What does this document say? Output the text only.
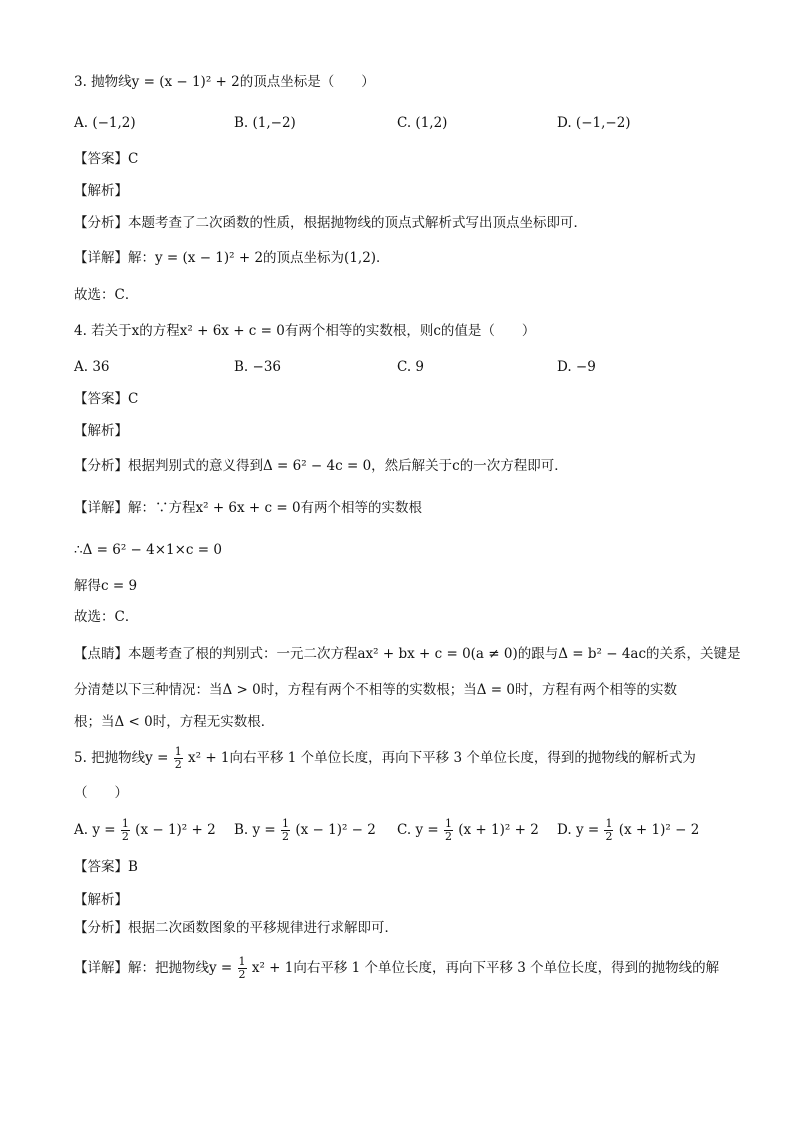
3. 抛物线y = (x − 1)² + 2的顶点坐标是（　　）
A. (−1,2)	B. (1,−2)	C. (1,2)	D. (−1,−2)
【答案】C
【解析】
【分析】本题考查了二次函数的性质，根据抛物线的顶点式解析式写出顶点坐标即可．
【详解】解：y = (x − 1)² + 2的顶点坐标为(1,2)．
故选：C．
4. 若关于x的方程x² + 6x + c = 0有两个相等的实数根，则c的值是（　　）
A. 36	B. −36	C. 9	D. −9
【答案】C
【解析】
【分析】根据判别式的意义得到Δ = 6² − 4c = 0，然后解关于c的一次方程即可．
【详解】解：∵方程x² + 6x + c = 0有两个相等的实数根
∴Δ = 6² − 4×1×c = 0
解得c = 9
故选：C．
【点睛】本题考查了根的判别式：一元二次方程ax² + bx + c = 0(a ≠ 0)的跟与Δ = b² − 4ac的关系，关键是
分清楚以下三种情况：当Δ > 0时，方程有两个不相等的实数根；当Δ = 0时，方程有两个相等的实数
根；当Δ < 0时，方程无实数根．
5. 把抛物线$y = \frac{1}{2} x^2 + 1$向右平移 1 个单位长度，再向下平移 3 个单位长度，得到的抛物线的解析式为
（　　）
A. $y = \frac{1}{2} (x - 1)^2 + 2$ B. $y = \frac{1}{2} (x - 1)^2 - 2$ C. $y = \frac{1}{2} (x + 1)^2 + 2$ D. $y = \frac{1}{2} (x + 1)^2 - 2$
【答案】B
【解析】
【分析】根据二次函数图象的平移规律进行求解即可．
【详解】解：把抛物线$y = \frac{1}{2} x^2 + 1$向右平移 1 个单位长度，再向下平移 3 个单位长度，得到的抛物线的解
